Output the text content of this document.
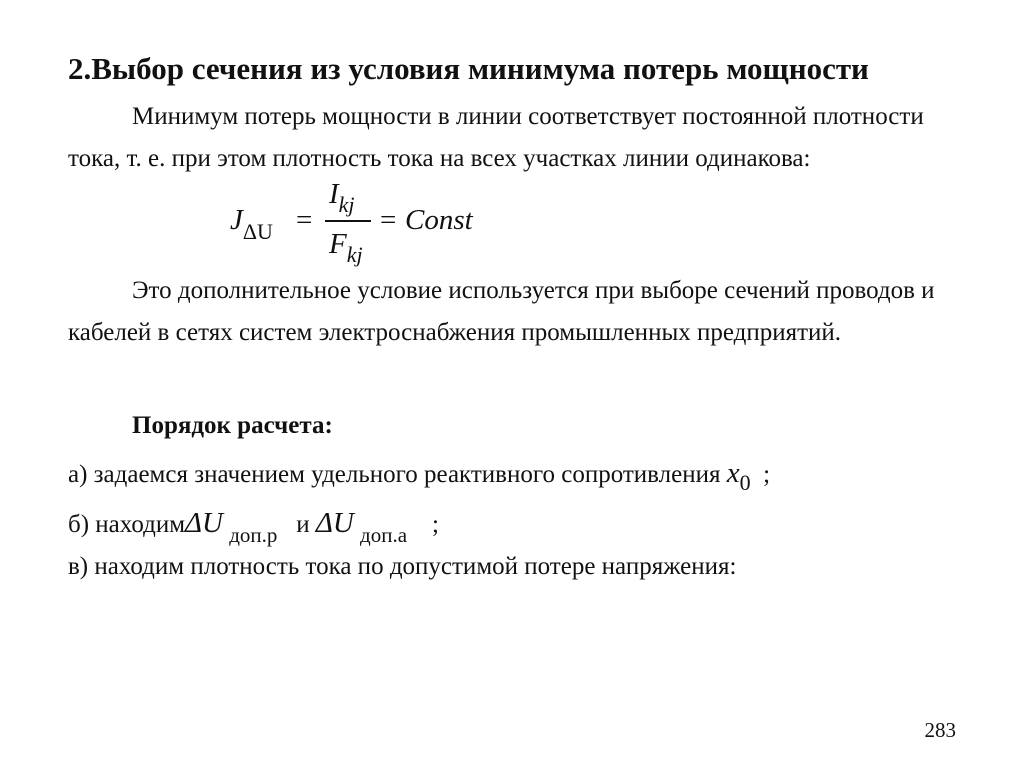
2.Выбор сечения из условия минимума потерь мощности

Минимум потерь мощности в линии соответствует постоянной плотности тока, т. е. при этом плотность тока на всех участках линии одинакова:

$J_{\Delta U}$ =
$I_{kj}$
$F_{kj}$
= Const

Это дополнительное условие используется при выборе сечений проводов и кабелей в сетях систем электроснабжения промышленных предприятий.

Порядок расчета:
а) задаемся значением удельного реактивного сопротивления $x_0$ ;
б) находимΔU $_{доп.р}$ и ΔU $_{доп.а}$ ;
в) находим плотность тока по допустимой потере напряжения:
283
